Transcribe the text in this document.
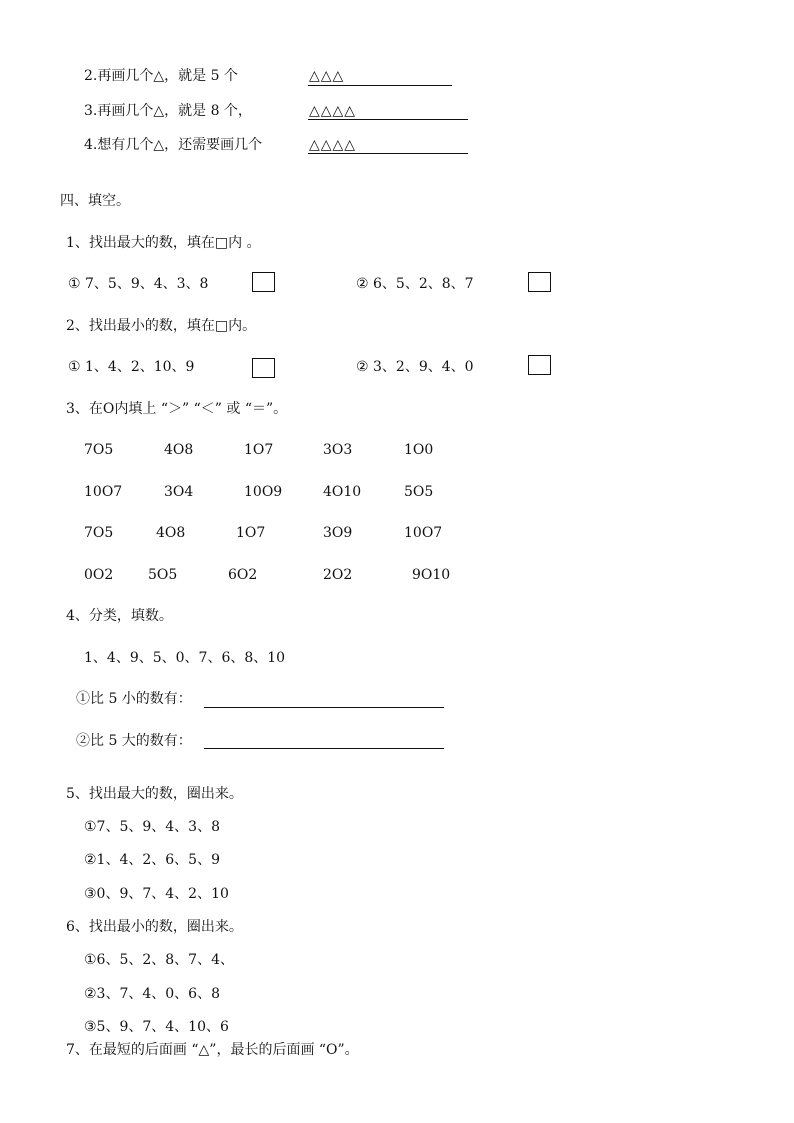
2.再画几个△，就是 5 个	△△△
3.再画几个△，就是 8 个，	△△△△
4.想有几个△，还需要画几个	△△△△
四、填空。
1、找出最大的数，填在□内 。
① 7、5、9、4、3、8	② 6、5、2、8、7
2、找出最小的数，填在□内。
① 1、4、2、10、9	② 3、2、9、4、0
3、在O内填上 “＞” “＜” 或 “＝”。
7O5	4O8	1O7	3O3	1O0
10O7	3O4	10O9	4O10	5O5
7O5	4O8	1O7	3O9	10O7
0O2 5O5	6O2	2O2	9O10
4、分类，填数。
1、4、9、5、0、7、6、8、10
①比 5 小的数有：
②比 5 大的数有：
5、找出最大的数，圈出来。
①7、5、9、4、3、8
②1、4、2、6、5、9
③0、9、7、4、2、10
6、找出最小的数，圈出来。
①6、5、2、8、7、4、
②3、7、4、0、6、8
③5、9、7、4、10、6
7、在最短的后面画 “△”，最长的后面画 “O”。
